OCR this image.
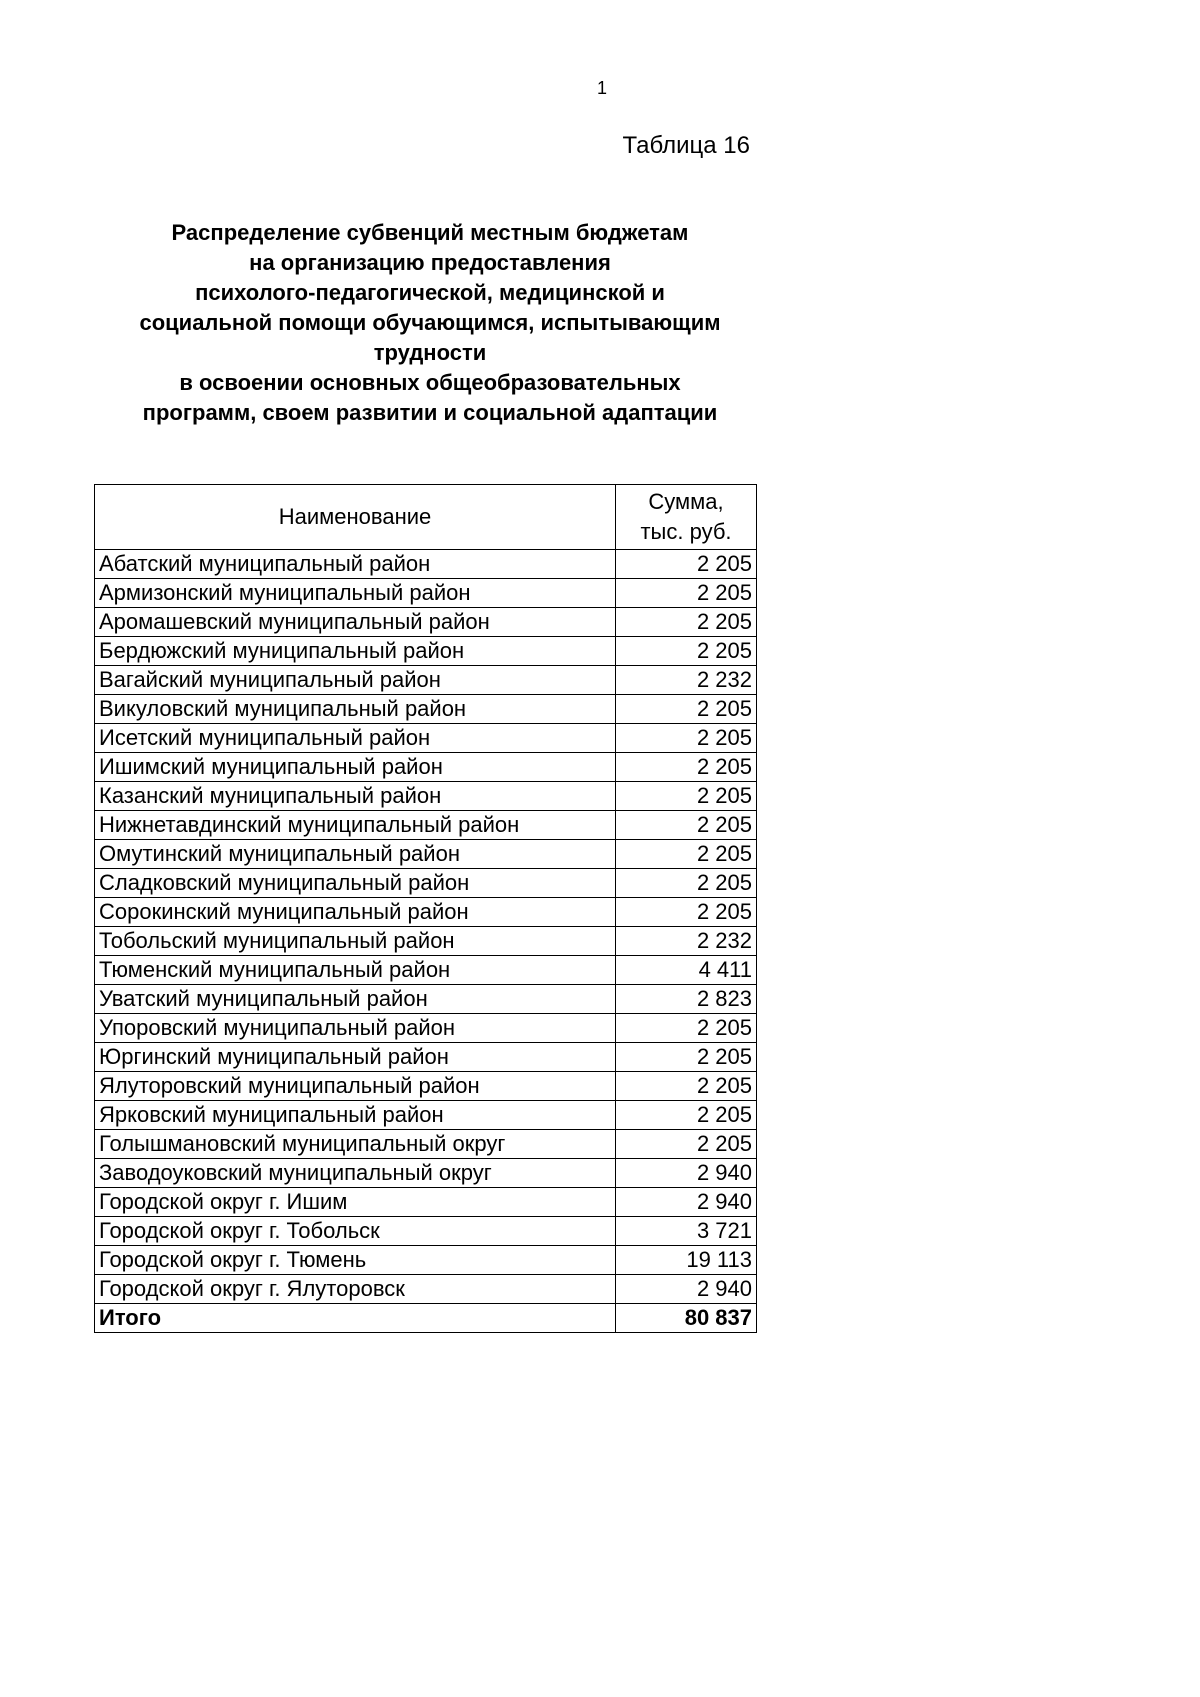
1
Таблица 16
Распределение субвенций местным бюджетам
на организацию предоставления
психолого-педагогической, медицинской и
социальной помощи обучающимся, испытывающим
трудности
в освоении основных общеобразовательных
программ, своем развитии и социальной адаптации
Наименование	Сумма,
тыс. руб.
Абатский муниципальный район	2 205
Армизонский муниципальный район	2 205
Аромашевский муниципальный район	2 205
Бердюжский муниципальный район	2 205
Вагайский муниципальный район	2 232
Викуловский муниципальный район	2 205
Исетский муниципальный район	2 205
Ишимский муниципальный район	2 205
Казанский муниципальный район	2 205
Нижнетавдинский муниципальный район	2 205
Омутинский муниципальный район	2 205
Сладковский муниципальный район	2 205
Сорокинский муниципальный район	2 205
Тобольский муниципальный район	2 232
Тюменский муниципальный район	4 411
Уватский муниципальный район	2 823
Упоровский муниципальный район	2 205
Юргинский муниципальный район	2 205
Ялуторовский муниципальный район	2 205
Ярковский муниципальный район	2 205
Голышмановский муниципальный округ	2 205
Заводоуковский муниципальный округ	2 940
Городской округ г. Ишим	2 940
Городской округ г. Тобольск	3 721
Городской округ г. Тюмень	19 113
Городской округ г. Ялуторовск	2 940
Итого	80 837
